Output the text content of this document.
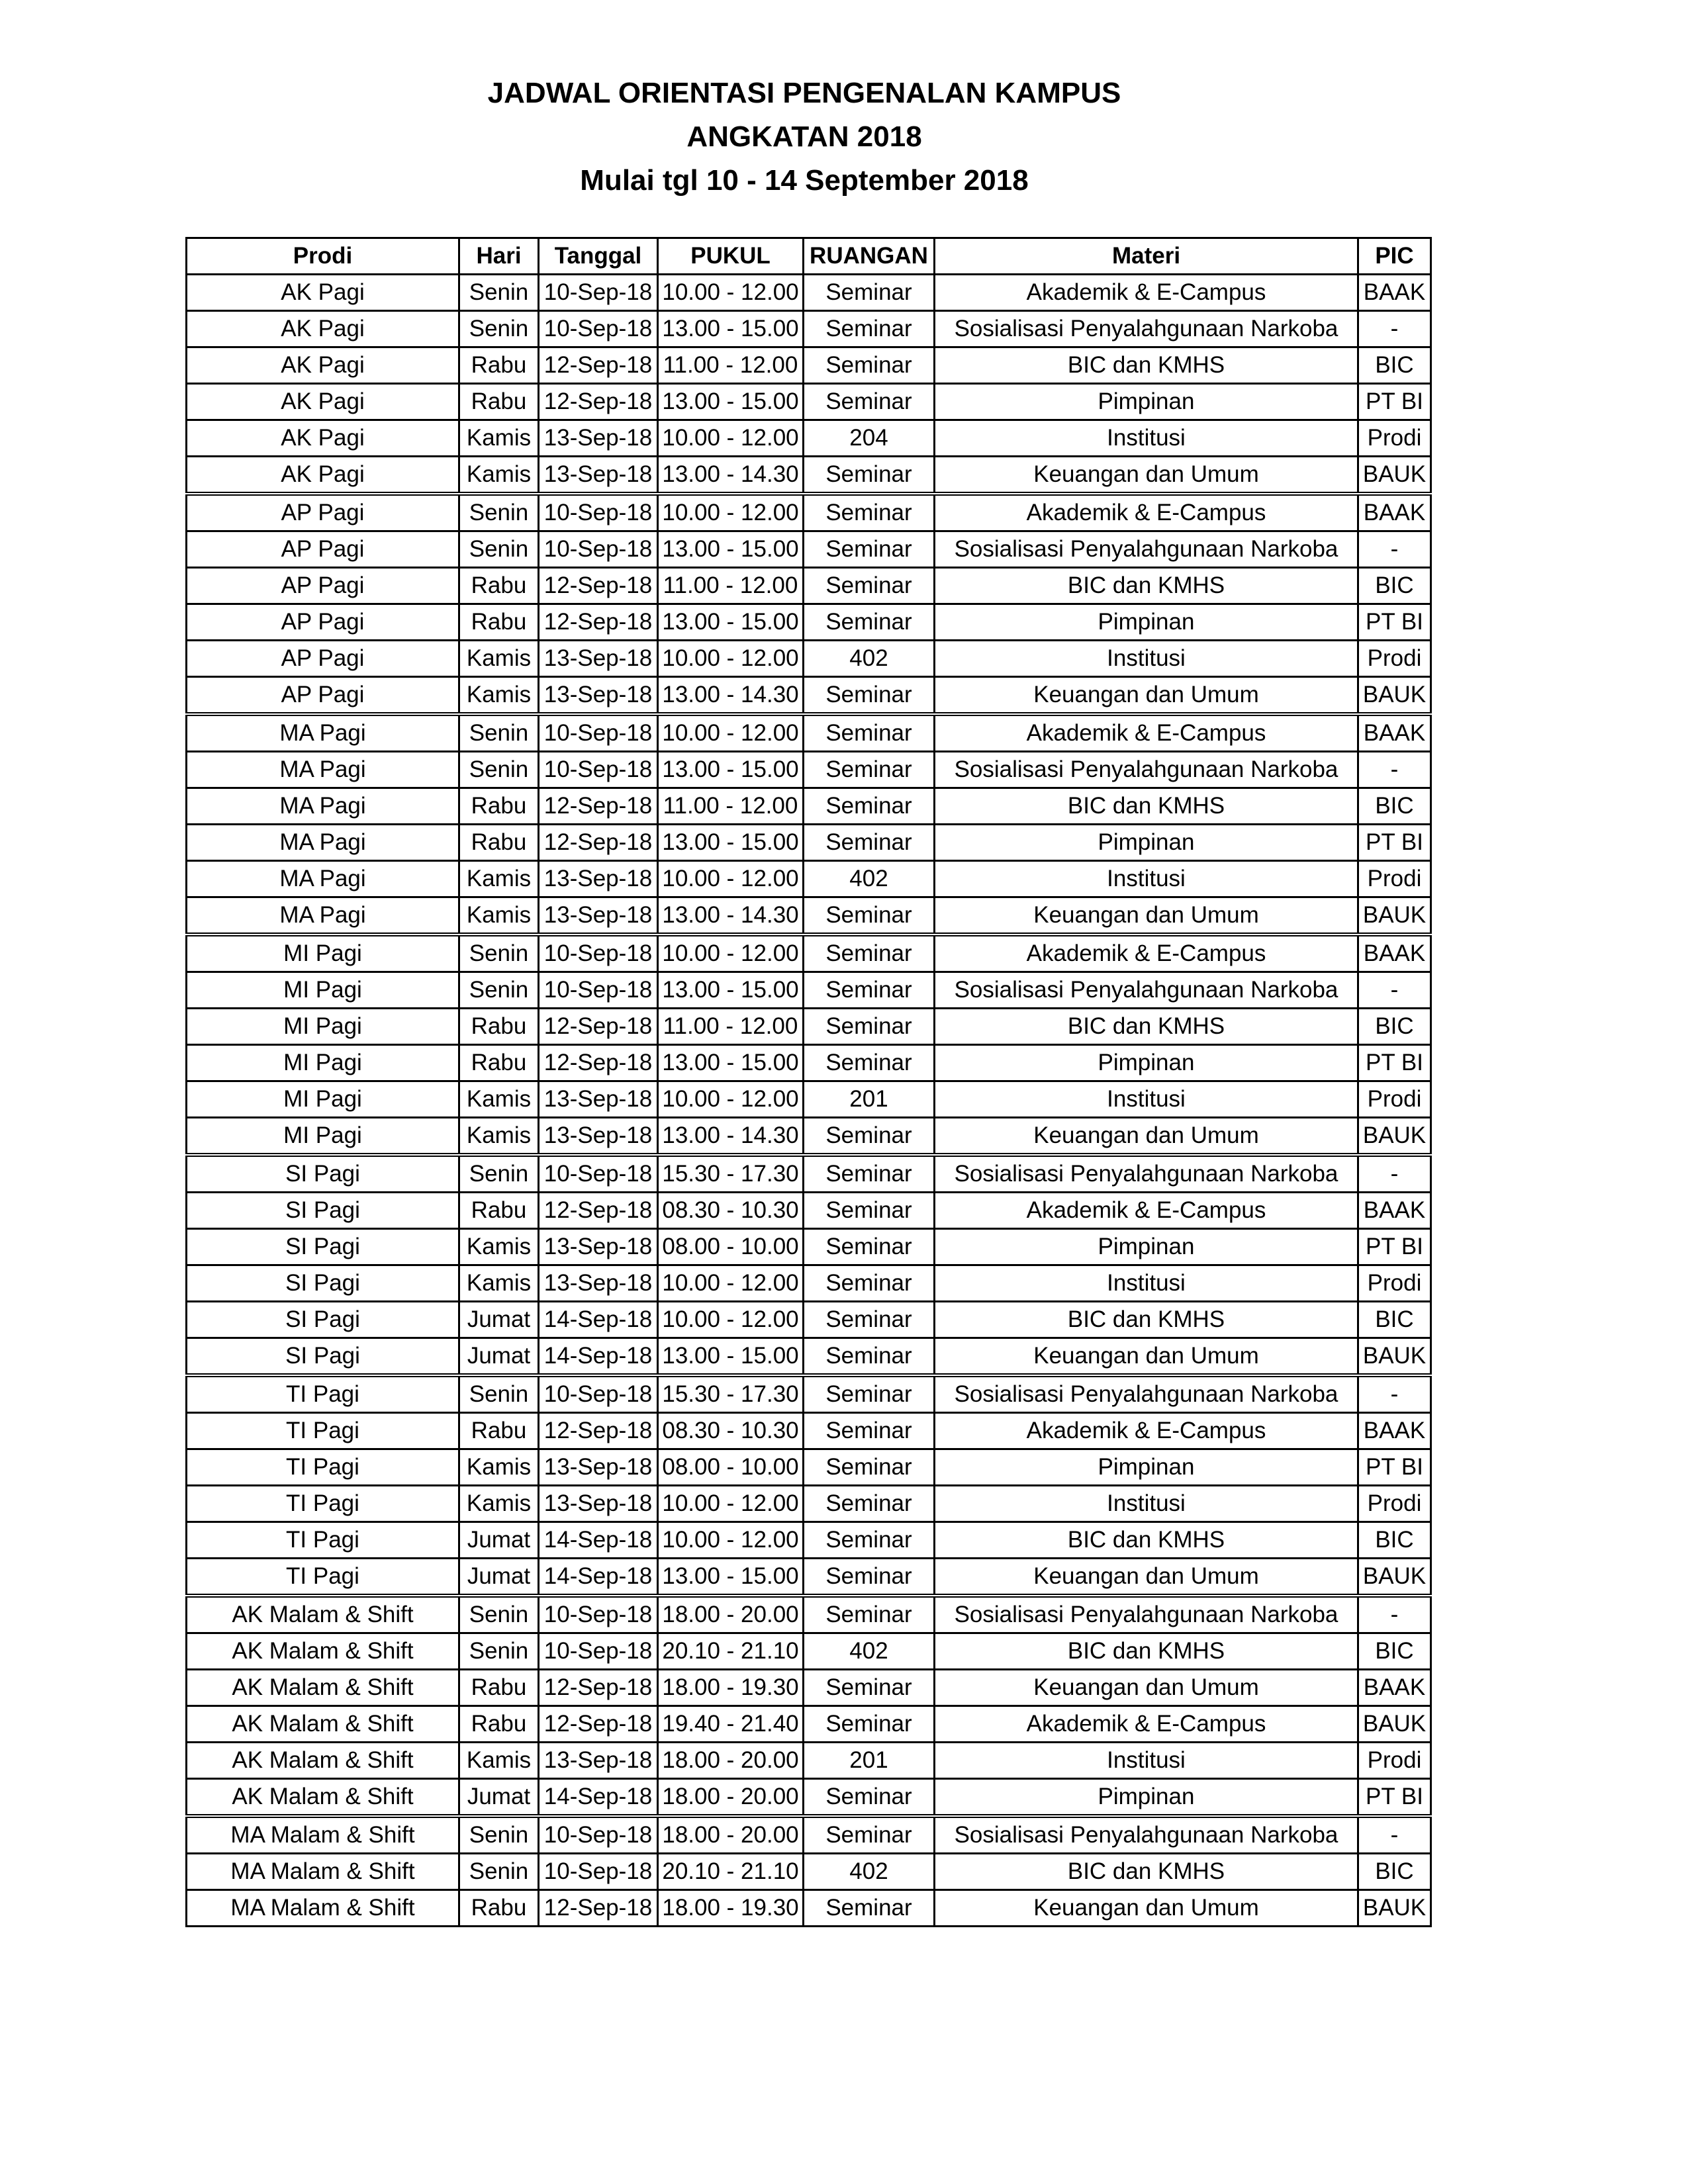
JADWAL ORIENTASI PENGENALAN KAMPUS
ANGKATAN 2018
Mulai tgl 10 - 14 September 2018
Prodi	Hari	Tanggal	PUKUL	RUANGAN	Materi	PIC
AK Pagi	Senin	10-Sep-18	10.00 - 12.00	Seminar	Akademik & E-Campus	BAAK
AK Pagi	Senin	10-Sep-18	13.00 - 15.00	Seminar	Sosialisasi Penyalahgunaan Narkoba	-
AK Pagi	Rabu	12-Sep-18	11.00 - 12.00	Seminar	BIC dan KMHS	BIC
AK Pagi	Rabu	12-Sep-18	13.00 - 15.00	Seminar	Pimpinan	PT BI
AK Pagi	Kamis	13-Sep-18	10.00 - 12.00	204	Institusi	Prodi
AK Pagi	Kamis	13-Sep-18	13.00 - 14.30	Seminar	Keuangan dan Umum	BAUK
AP Pagi	Senin	10-Sep-18	10.00 - 12.00	Seminar	Akademik & E-Campus	BAAK
AP Pagi	Senin	10-Sep-18	13.00 - 15.00	Seminar	Sosialisasi Penyalahgunaan Narkoba	-
AP Pagi	Rabu	12-Sep-18	11.00 - 12.00	Seminar	BIC dan KMHS	BIC
AP Pagi	Rabu	12-Sep-18	13.00 - 15.00	Seminar	Pimpinan	PT BI
AP Pagi	Kamis	13-Sep-18	10.00 - 12.00	402	Institusi	Prodi
AP Pagi	Kamis	13-Sep-18	13.00 - 14.30	Seminar	Keuangan dan Umum	BAUK
MA Pagi	Senin	10-Sep-18	10.00 - 12.00	Seminar	Akademik & E-Campus	BAAK
MA Pagi	Senin	10-Sep-18	13.00 - 15.00	Seminar	Sosialisasi Penyalahgunaan Narkoba	-
MA Pagi	Rabu	12-Sep-18	11.00 - 12.00	Seminar	BIC dan KMHS	BIC
MA Pagi	Rabu	12-Sep-18	13.00 - 15.00	Seminar	Pimpinan	PT BI
MA Pagi	Kamis	13-Sep-18	10.00 - 12.00	402	Institusi	Prodi
MA Pagi	Kamis	13-Sep-18	13.00 - 14.30	Seminar	Keuangan dan Umum	BAUK
MI Pagi	Senin	10-Sep-18	10.00 - 12.00	Seminar	Akademik & E-Campus	BAAK
MI Pagi	Senin	10-Sep-18	13.00 - 15.00	Seminar	Sosialisasi Penyalahgunaan Narkoba	-
MI Pagi	Rabu	12-Sep-18	11.00 - 12.00	Seminar	BIC dan KMHS	BIC
MI Pagi	Rabu	12-Sep-18	13.00 - 15.00	Seminar	Pimpinan	PT BI
MI Pagi	Kamis	13-Sep-18	10.00 - 12.00	201	Institusi	Prodi
MI Pagi	Kamis	13-Sep-18	13.00 - 14.30	Seminar	Keuangan dan Umum	BAUK
SI Pagi	Senin	10-Sep-18	15.30 - 17.30	Seminar	Sosialisasi Penyalahgunaan Narkoba	-
SI Pagi	Rabu	12-Sep-18	08.30 - 10.30	Seminar	Akademik & E-Campus	BAAK
SI Pagi	Kamis	13-Sep-18	08.00 - 10.00	Seminar	Pimpinan	PT BI
SI Pagi	Kamis	13-Sep-18	10.00 - 12.00	Seminar	Institusi	Prodi
SI Pagi	Jumat	14-Sep-18	10.00 - 12.00	Seminar	BIC dan KMHS	BIC
SI Pagi	Jumat	14-Sep-18	13.00 - 15.00	Seminar	Keuangan dan Umum	BAUK
TI Pagi	Senin	10-Sep-18	15.30 - 17.30	Seminar	Sosialisasi Penyalahgunaan Narkoba	-
TI Pagi	Rabu	12-Sep-18	08.30 - 10.30	Seminar	Akademik & E-Campus	BAAK
TI Pagi	Kamis	13-Sep-18	08.00 - 10.00	Seminar	Pimpinan	PT BI
TI Pagi	Kamis	13-Sep-18	10.00 - 12.00	Seminar	Institusi	Prodi
TI Pagi	Jumat	14-Sep-18	10.00 - 12.00	Seminar	BIC dan KMHS	BIC
TI Pagi	Jumat	14-Sep-18	13.00 - 15.00	Seminar	Keuangan dan Umum	BAUK
AK Malam & Shift	Senin	10-Sep-18	18.00 - 20.00	Seminar	Sosialisasi Penyalahgunaan Narkoba	-
AK Malam & Shift	Senin	10-Sep-18	20.10 - 21.10	402	BIC dan KMHS	BIC
AK Malam & Shift	Rabu	12-Sep-18	18.00 - 19.30	Seminar	Keuangan dan Umum	BAAK
AK Malam & Shift	Rabu	12-Sep-18	19.40 - 21.40	Seminar	Akademik & E-Campus	BAUK
AK Malam & Shift	Kamis	13-Sep-18	18.00 - 20.00	201	Institusi	Prodi
AK Malam & Shift	Jumat	14-Sep-18	18.00 - 20.00	Seminar	Pimpinan	PT BI
MA Malam & Shift	Senin	10-Sep-18	18.00 - 20.00	Seminar	Sosialisasi Penyalahgunaan Narkoba	-
MA Malam & Shift	Senin	10-Sep-18	20.10 - 21.10	402	BIC dan KMHS	BIC
MA Malam & Shift	Rabu	12-Sep-18	18.00 - 19.30	Seminar	Keuangan dan Umum	BAUK
